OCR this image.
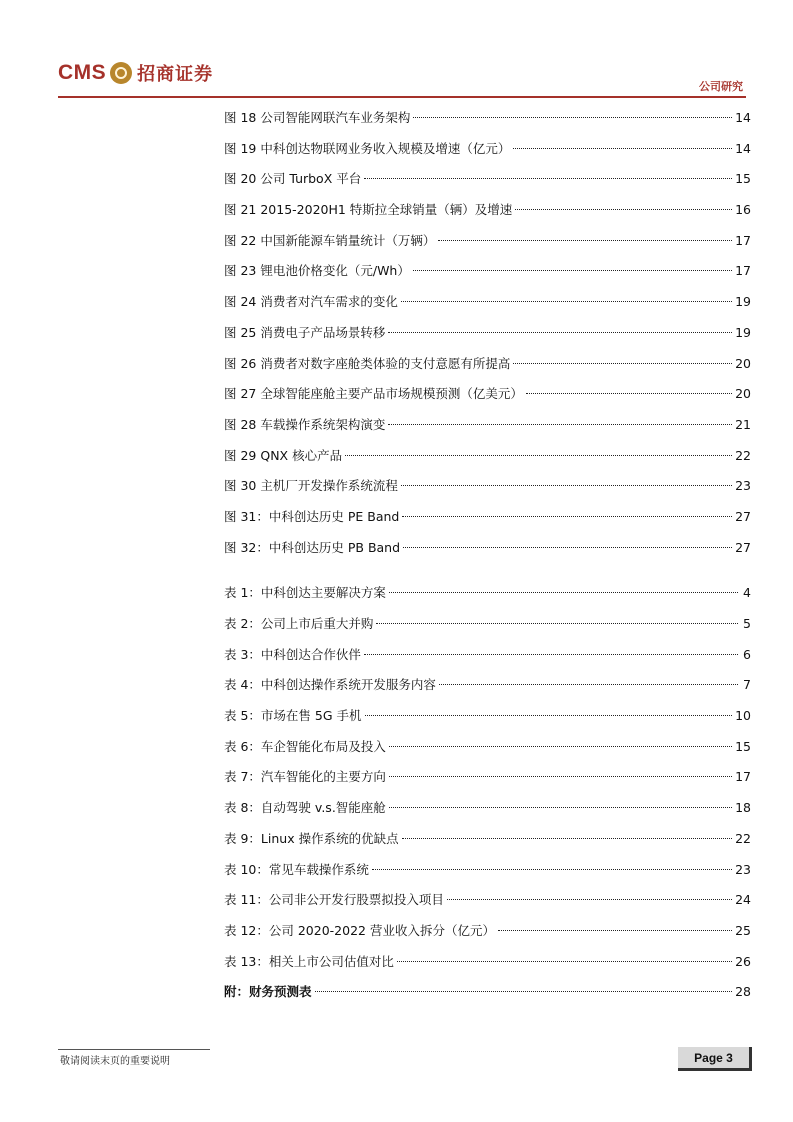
CMS 招商证券
公司研究
图 18 公司智能网联汽车业务架构	14
图 19 中科创达物联网业务收入规模及增速（亿元）	14
图 20 公司 TurboX 平台	15
图 21 2015-2020H1 特斯拉全球销量（辆）及增速	16
图 22 中国新能源车销量统计（万辆）	17
图 23 锂电池价格变化（元/Wh）	17
图 24 消费者对汽车需求的变化	19
图 25 消费电子产品场景转移	19
图 26 消费者对数字座舱类体验的支付意愿有所提高	20
图 27 全球智能座舱主要产品市场规模预测（亿美元）	20
图 28 车载操作系统架构演变	21
图 29 QNX 核心产品	22
图 30 主机厂开发操作系统流程	23
图 31：中科创达历史 PE Band	27
图 32：中科创达历史 PB Band	27
表 1：中科创达主要解决方案	4
表 2：公司上市后重大并购	5
表 3：中科创达合作伙伴	6
表 4：中科创达操作系统开发服务内容	7
表 5：市场在售 5G 手机	10
表 6：车企智能化布局及投入	15
表 7：汽车智能化的主要方向	17
表 8：自动驾驶 v.s.智能座舱	18
表 9：Linux 操作系统的优缺点	22
表 10：常见车载操作系统	23
表 11：公司非公开发行股票拟投入项目	24
表 12：公司 2020-2022 营业收入拆分（亿元）	25
表 13：相关上市公司估值对比	26
附：财务预测表	28
敬请阅读末页的重要说明	Page 3
